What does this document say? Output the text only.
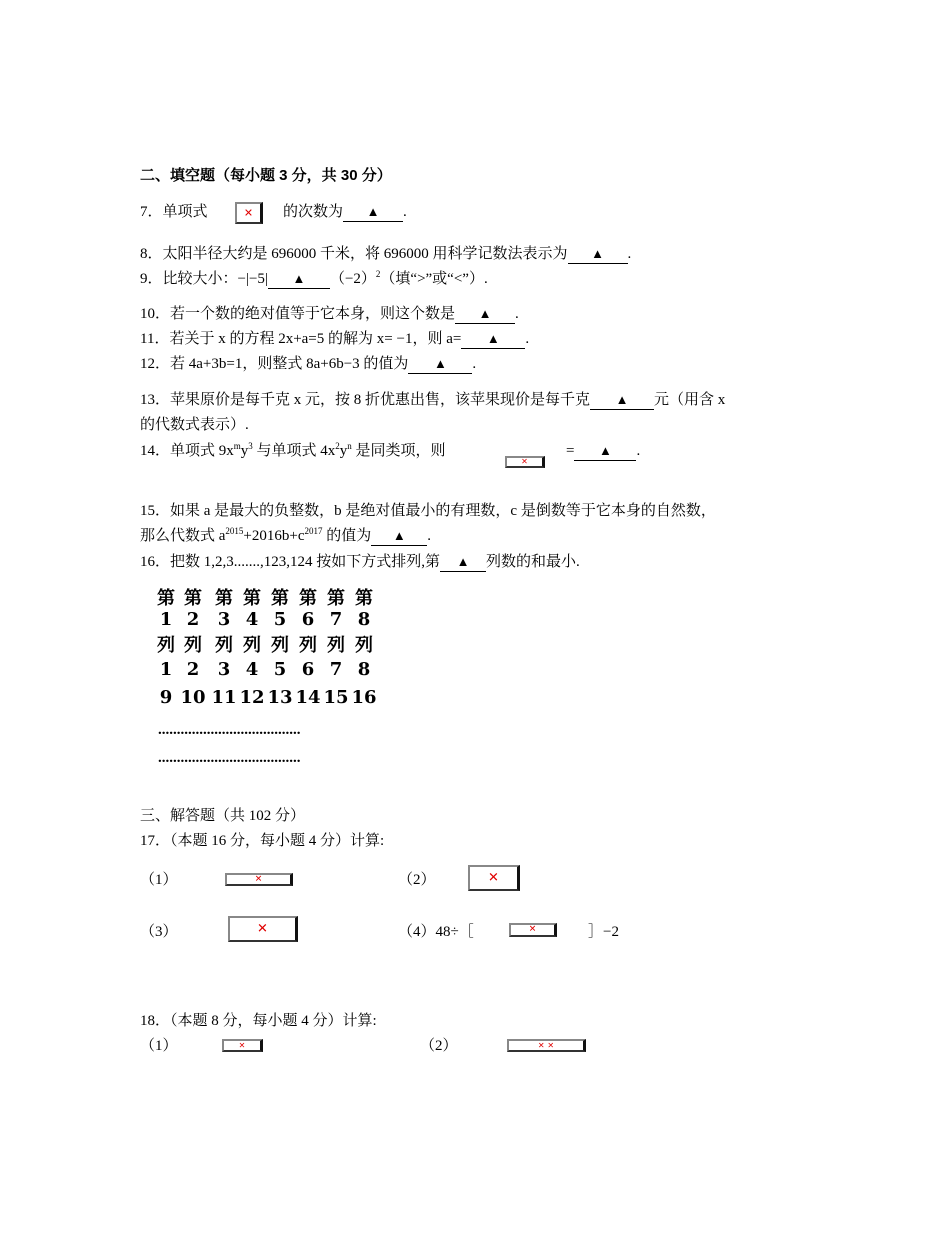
二、填空题（每小题 3 分，共 30 分）
7．单项式	的次数为 ▲ .
✕
8．太阳半径大约是 696000 千米，将 696000 用科学记数法表示为 ▲ .
9．比较大小：−|−5| ▲ $(-2)^2$（填“>”或“<”）.
10．若一个数的绝对值等于它本身，则这个数是 ▲ .
11．若关于 x 的方程 2x+a=5 的解为 x= −1，则 a= ▲ .
12．若 4a+3b=1，则整式 8a+6b−3 的值为 ▲ .
13．苹果原价是每千克 x 元，按 8 折优惠出售，该苹果现价是每千克 ▲ 元（用含 x
的代数式表示）.
14．单项式 $9x^my^3$ 与单项式 $4x^2y^n$ 是同类项，则
✕
= ▲ .
15．如果 a 是最大的负整数，b 是绝对值最小的有理数，c 是倒数等于它本身的自然数，
那么代数式 $a^{2015}+2016b+c^{2017}$ 的值为 ▲ .
16．把数 1,2,3.......,123,124 按如下方式排列,第 ▲ 列数的和最小.
第 第 第 第 第 第 第 第
1 2	3 4 5 6 7 8
列 列 列 列 列 列 列 列
1 2	3 4 5 6 7 8
9 10 11 12 13 14 15 16
......................................
......................................
三、解答题（共 102 分）
17．（本题 16 分，每小题 4 分）计算:
（1）	✕	（2）	✕
（3）	✕	（4）48÷［	✕	］−2
18．（本题 8 分，每小题 4 分）计算:
（1）	✕	（2）	✕ ✕
